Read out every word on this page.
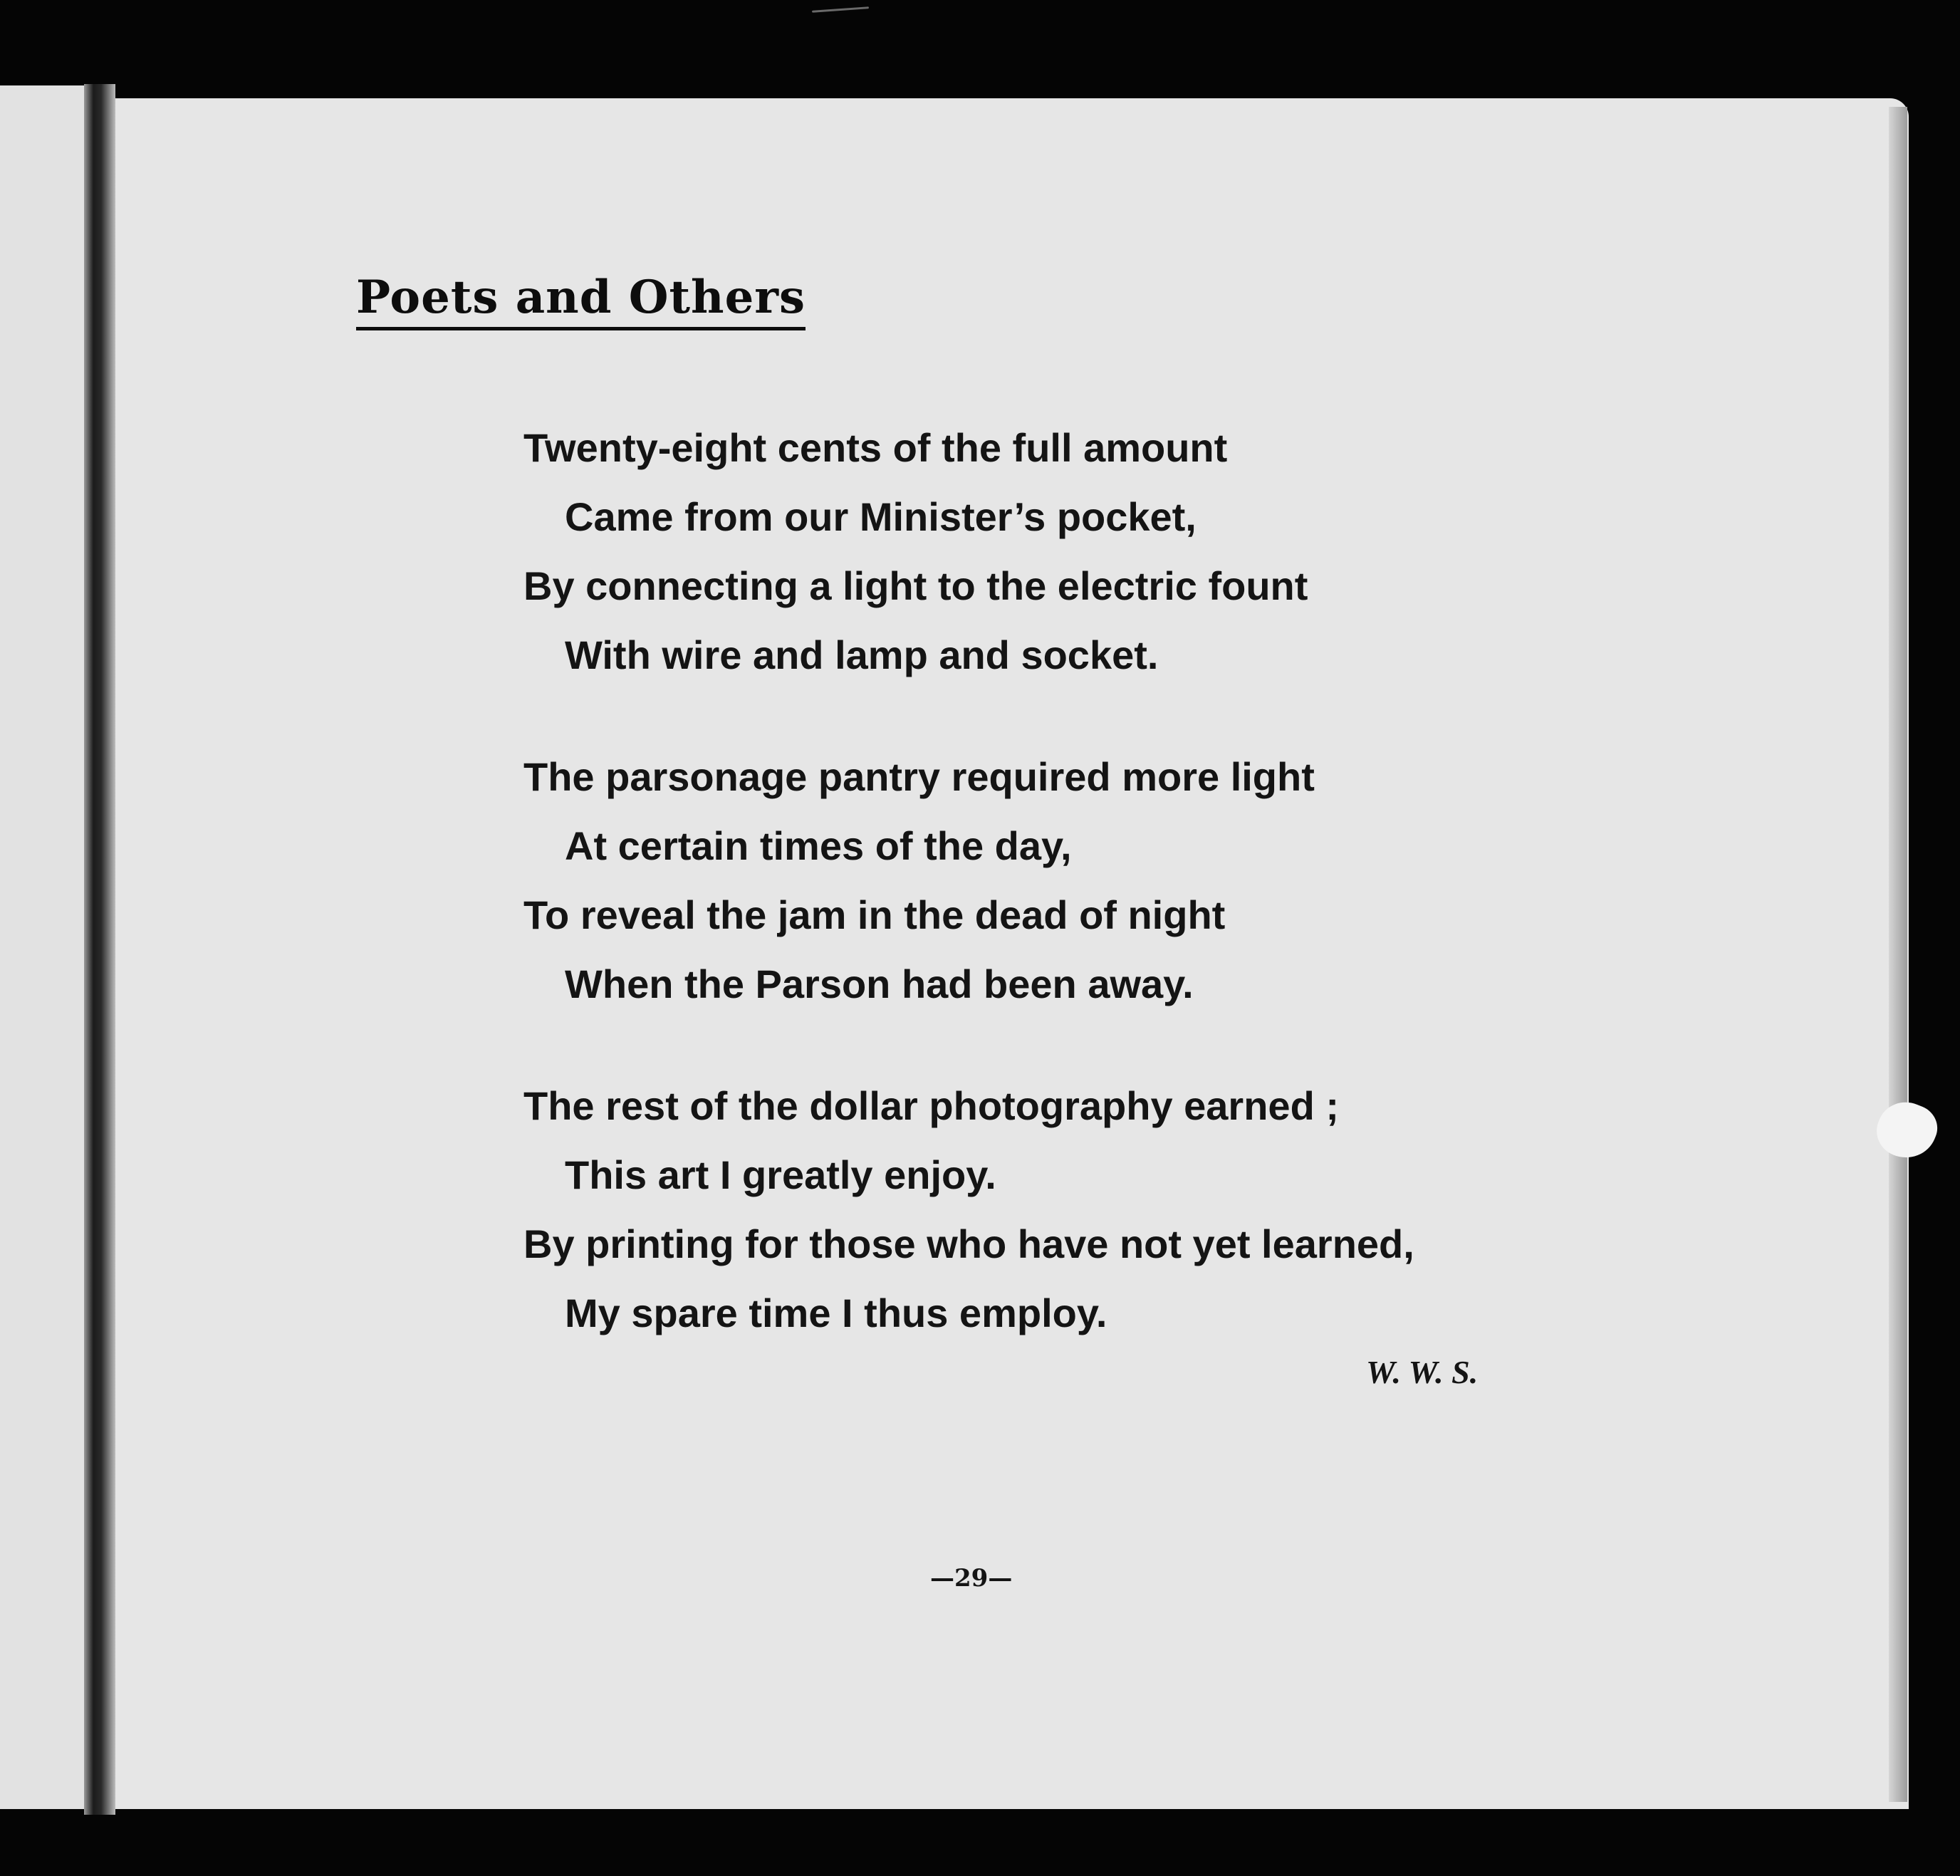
Poets and Others
Twenty-eight cents of the full amount
Came from our Minister’s pocket,
By connecting a light to the electric fount
With wire and lamp and socket.
The parsonage pantry required more light
At certain times of the day,
To reveal the jam in the dead of night
When the Parson had been away.
The rest of the dollar photography earned ;
This art I greatly enjoy.
By printing for those who have not yet learned,
My spare time I thus employ.
W. W. S.
—29—
